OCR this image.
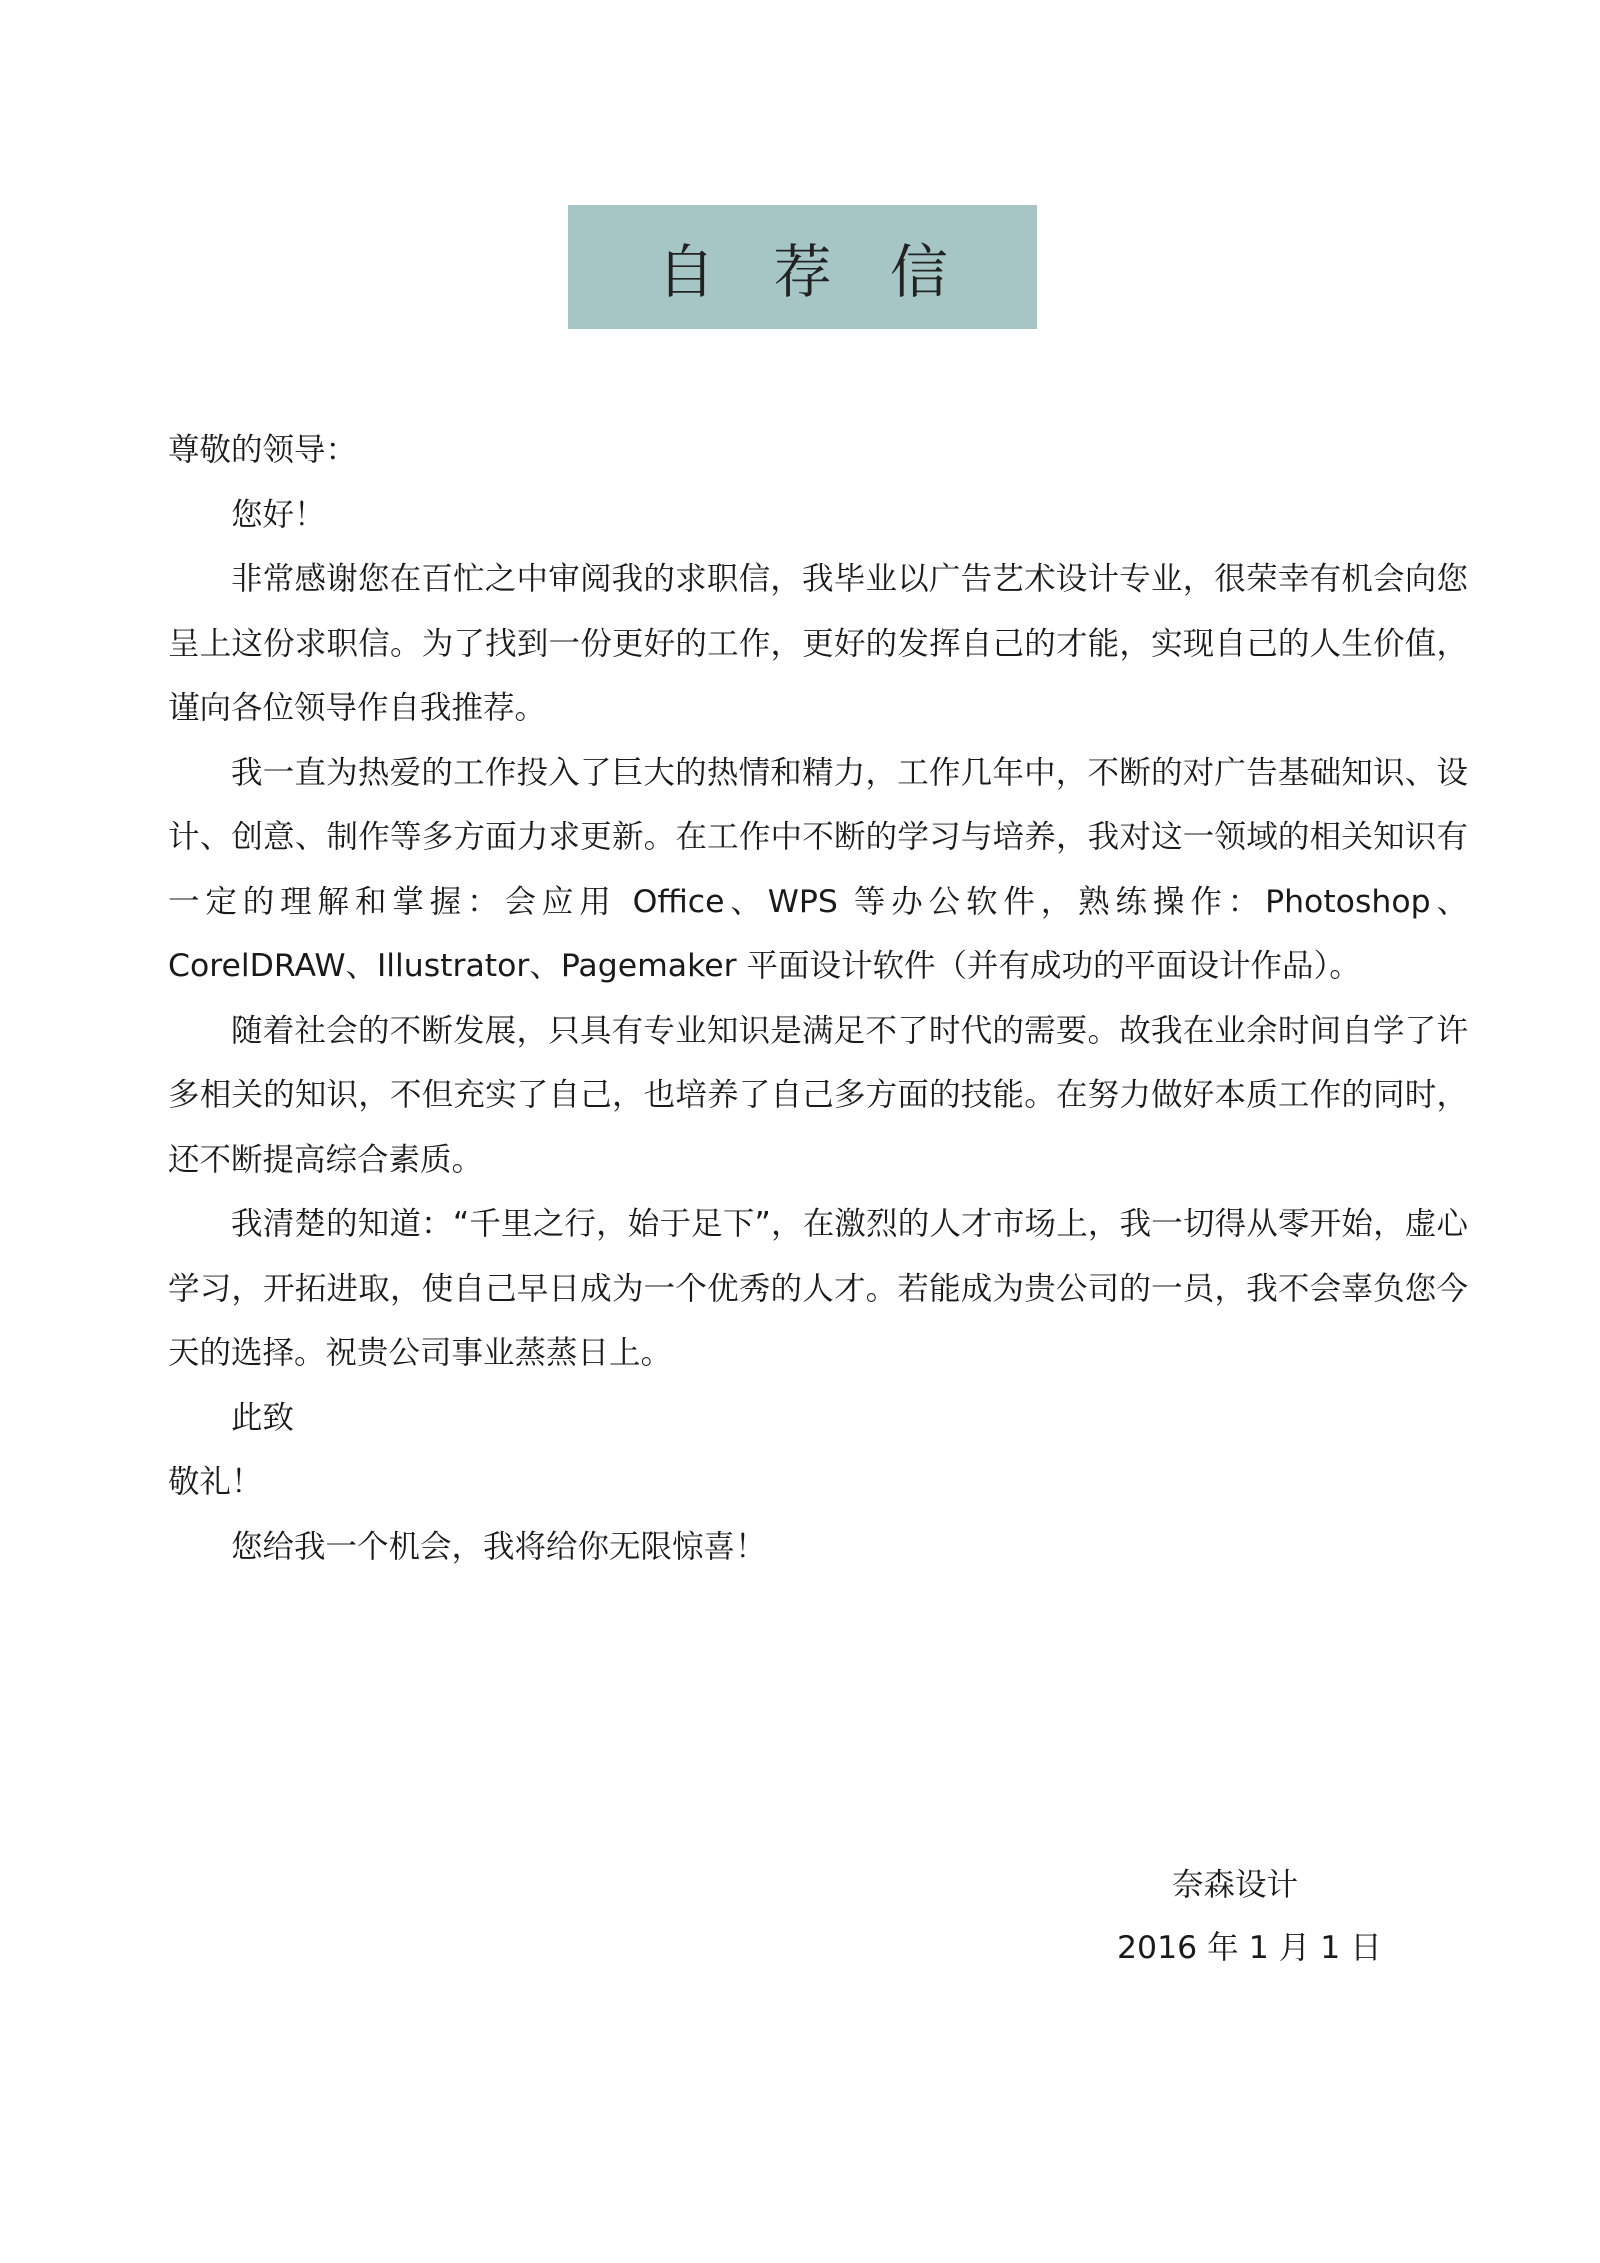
自 荐 信

尊敬的领导：

您好！

非常感谢您在百忙之中审阅我的求职信，我毕业以广告艺术设计专业，很荣幸有机会向您呈上这份求职信。为了找到一份更好的工作，更好的发挥自己的才能，实现自己的人生价值，谨向各位领导作自我推荐。

我一直为热爱的工作投入了巨大的热情和精力，工作几年中，不断的对广告基础知识、设计、创意、制作等多方面力求更新。在工作中不断的学习与培养，我对这一领域的相关知识有一定的理解和掌握：会应用 Office、WPS 等办公软件，熟练操作：Photoshop、CorelDRAW、Illustrator、Pagemaker 平面设计软件（并有成功的平面设计作品）。

随着社会的不断发展，只具有专业知识是满足不了时代的需要。故我在业余时间自学了许多相关的知识，不但充实了自己，也培养了自己多方面的技能。在努力做好本质工作的同时，还不断提高综合素质。

我清楚的知道：“千里之行，始于足下”，在激烈的人才市场上，我一切得从零开始，虚心学习，开拓进取，使自己早日成为一个优秀的人才。若能成为贵公司的一员，我不会辜负您今天的选择。祝贵公司事业蒸蒸日上。

此致

敬礼！

您给我一个机会，我将给你无限惊喜！

奈森设计

2016 年 1 月 1 日
